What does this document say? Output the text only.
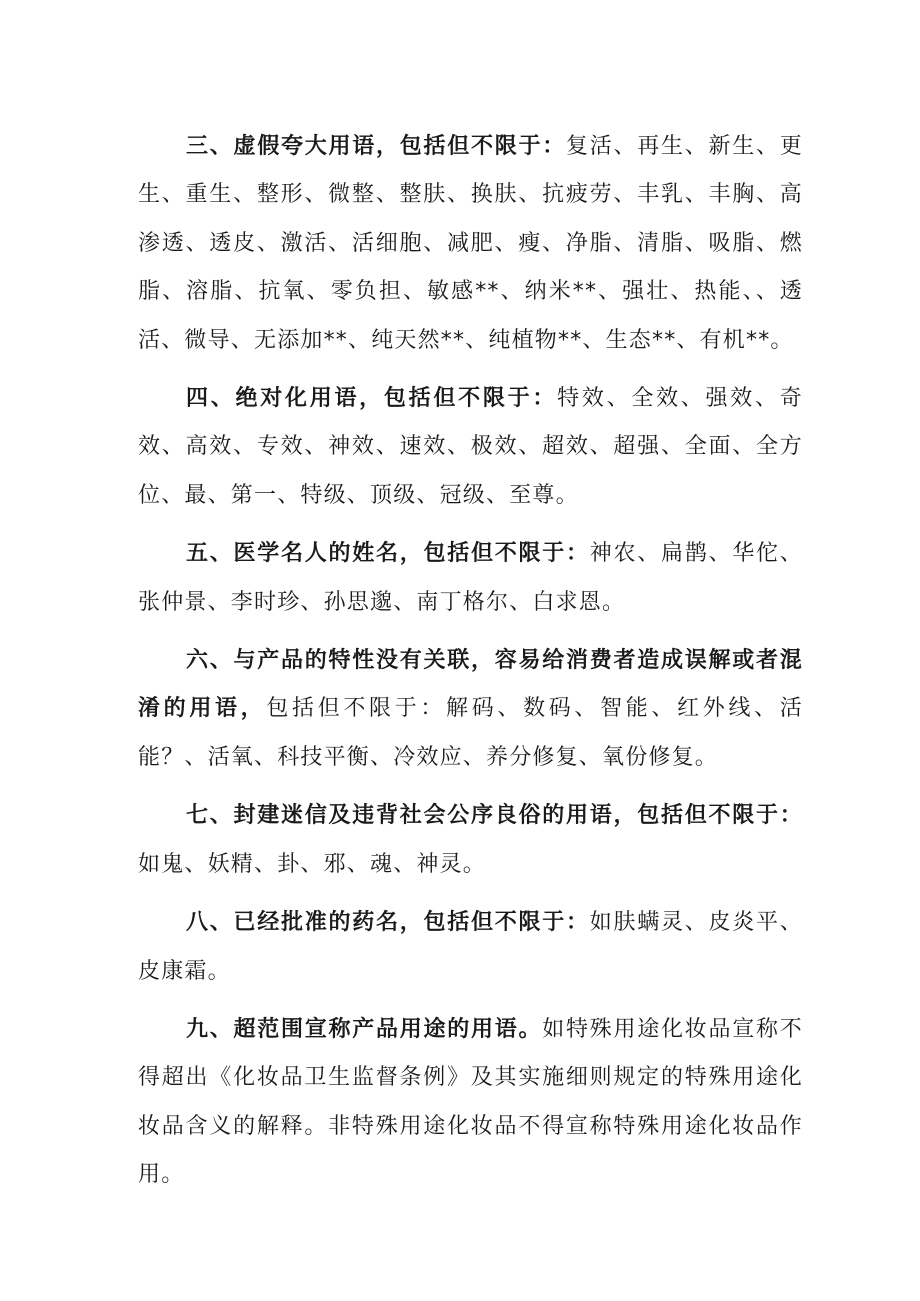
三、虚假夸大用语，包括但不限于：复活、再生、新生、更生、重生、整形、微整、整肤、换肤、抗疲劳、丰乳、丰胸、高渗透、透皮、激活、活细胞、减肥、瘦、净脂、清脂、吸脂、燃脂、溶脂、抗氧、零负担、敏感**、纳米**、强壮、热能、、透活、微导、无添加**、纯天然**、纯植物**、生态**、有机**。

四、绝对化用语，包括但不限于：特效、全效、强效、奇效、高效、专效、神效、速效、极效、超效、超强、全面、全方位、最、第一、特级、顶级、冠级、至尊。

五、医学名人的姓名，包括但不限于：神农、扁鹊、华佗、张仲景、李时珍、孙思邈、南丁格尔、白求恩。

六、与产品的特性没有关联，容易给消费者造成误解或者混淆的用语，包括但不限于：解码、数码、智能、红外线、活能？、活氧、科技平衡、冷效应、养分修复、氧份修复。

七、封建迷信及违背社会公序良俗的用语，包括但不限于：如鬼、妖精、卦、邪、魂、神灵。

八、已经批准的药名，包括但不限于：如肤螨灵、皮炎平、皮康霜。

九、超范围宣称产品用途的用语。如特殊用途化妆品宣称不得超出《化妆品卫生监督条例》及其实施细则规定的特殊用途化妆品含义的解释。非特殊用途化妆品不得宣称特殊用途化妆品作用。
